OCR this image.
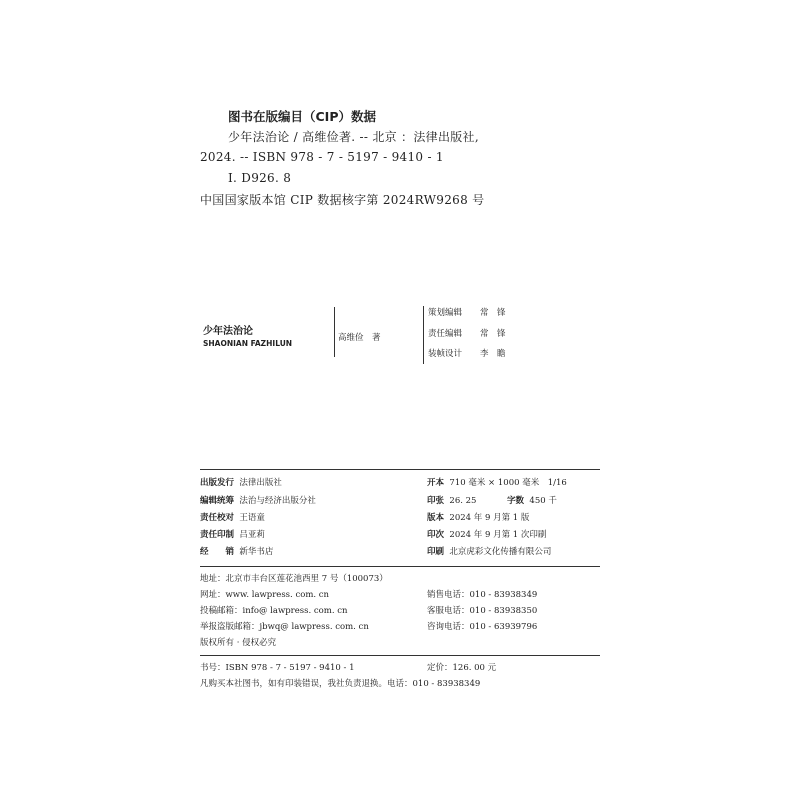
图书在版编目（CIP）数据
少年法治论 / 高维俭著. -- 北京 ：法律出版社,
2024. -- ISBN 978 - 7 - 5197 - 9410 - 1
Ⅰ. D926. 8
中国国家版本馆 CIP 数据核字第 2024RW9268 号
少年法治论
SHAONIAN FAZHILUN
高维俭　著
策划编辑 常　锋
责任编辑 常　锋
装帧设计 李　瞻
出版发行 法律出版社
编辑统筹 法治与经济出版分社
责任校对 王语童
责任印制 吕亚莉
经　　销 新华书店
开本 710 毫米 × 1000 毫米　1/16
印张 26. 25	字数 450 千
版本 2024 年 9 月第 1 版
印次 2024 年 9 月第 1 次印刷
印刷 北京虎彩文化传播有限公司
地址：北京市丰台区莲花池西里 7 号（100073）
网址：www. lawpress. com. cn
投稿邮箱：info@ lawpress. com. cn
举报盗版邮箱：jbwq@ lawpress. com. cn
版权所有 · 侵权必究
销售电话：010 - 83938349
客服电话：010 - 83938350
咨询电话：010 - 63939796
书号：ISBN 978 - 7 - 5197 - 9410 - 1	定价：126. 00 元
凡购买本社图书，如有印装错误，我社负责退换。电话：010 - 83938349
